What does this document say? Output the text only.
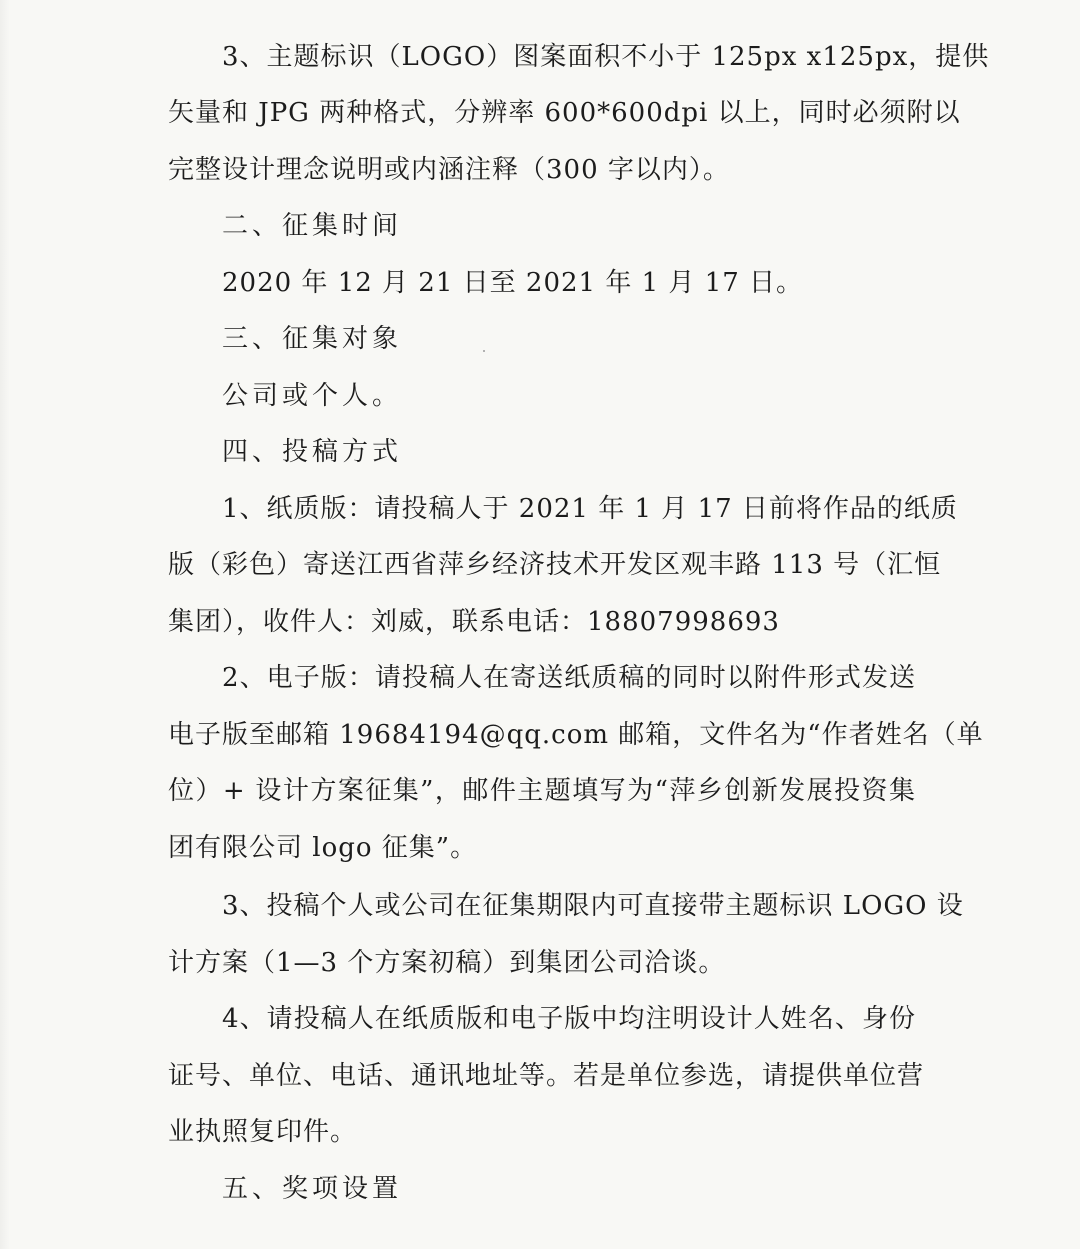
3、主题标识（LOGO）图案面积不小于 125px x125px，提供

矢量和 JPG 两种格式，分辨率 600*600dpi 以上，同时必须附以

完整设计理念说明或内涵注释（300 字以内）。

二、征集时间

2020 年 12 月 21 日至 2021 年 1 月 17 日。

三、征集对象

公司或个人。

四、投稿方式

1、纸质版：请投稿人于 2021 年 1 月 17 日前将作品的纸质

版（彩色）寄送江西省萍乡经济技术开发区观丰路 113 号（汇恒

集团），收件人：刘威，联系电话：18807998693

2、电子版：请投稿人在寄送纸质稿的同时以附件形式发送

电子版至邮箱 19684194@qq.com 邮箱，文件名为“作者姓名（单

位）+ 设计方案征集”，邮件主题填写为“萍乡创新发展投资集

团有限公司 logo 征集”。

3、投稿个人或公司在征集期限内可直接带主题标识 LOGO 设

计方案（1—3 个方案初稿）到集团公司洽谈。

4、请投稿人在纸质版和电子版中均注明设计人姓名、身份

证号、单位、电话、通讯地址等。若是单位参选，请提供单位营

业执照复印件。

五、奖项设置
